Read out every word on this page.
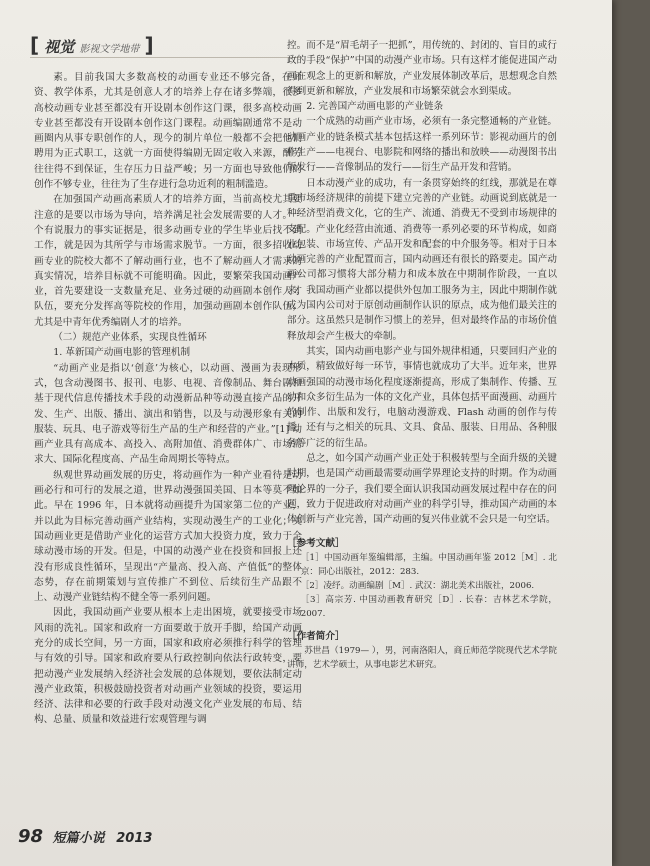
[ 视觉 影视文学地带 ]

素。目前我国大多数高校的动画专业还不够完备，在师资、教学体系，尤其是创意人才的培养上存在诸多弊端，很多高校动画专业甚至都没有开设剧本创作这门课，很多高校动画专业甚至都没有开设剧本创作这门课程。动画编剧通常不是动画圈内从事专职创作的人，现今的制片单位一般都不会把他们聘用为正式职工，这就一方面使得编剧无固定收入来源，酬劳往往得不到保证，生存压力日益严峻；另一方面也导致他们的创作不够专业，往往为了生存进行急功近利的粗制滥造。

在加强国产动画高素质人才的培养方面，当前高校尤其要注意的是要以市场为导向，培养满足社会发展需要的人才。一个有说服力的事实证据是，很多动画专业的学生毕业后找不到工作，就是因为其所学与市场需求脱节。一方面，很多招收动画专业的院校大都不了解动画行业，也不了解动画人才需求的真实情况，培养目标就不可能明确。因此，要繁荣我国动画产业，首先要建设一支数量充足、业务过硬的动画剧本创作人才队伍，要充分发挥高等院校的作用，加强动画剧本创作队伍，尤其是中青年优秀编剧人才的培养。

（二）规范产业体系，实现良性循环
1. 革新国产动画电影的管理机制

“动画产业是指以‘创意’为核心，以动画、漫画为表现形式，包含动漫图书、报刊、电影、电视、音像制品、舞台剧和基于现代信息传播技术手段的动漫新品种等动漫直接产品的开发、生产、出版、播出、演出和销售，以及与动漫形象有关的服装、玩具、电子游戏等衍生产品的生产和经营的产业。”[1] 动画产业具有高成本、高投入、高附加值、消费群体广、市场需求大、国际化程度高、产品生命周期长等特点。

纵观世界动画发展的历史，将动画作为一种产业看待是动画必行和可行的发展之道，世界动漫强国美国、日本等莫不如此。早在 1996 年，日本就将动画提升为国家第二位的产业，并以此为目标完善动画产业结构，实现动漫生产的工业化；美国动画业更是借助产业化的运营方式加大投资力度，致力于全球动漫市场的开发。但是，中国的动漫产业在投资和回报上还没有形成良性循环，呈现出“产量高、投入高、产值低”的整体态势，存在前期策划与宣传推广不到位、后续衍生产品跟不上、动漫产业链结构不健全等一系列问题。

因此，我国动画产业要从根本上走出困境，就要接受市场风雨的洗礼。国家和政府一方面要敢于放开手脚，给国产动画充分的成长空间，另一方面，国家和政府必须推行科学的管理与有效的引导。国家和政府要从行政控制向依法行政转变，要把动漫产业发展纳入经济社会发展的总体规划，要依法制定动漫产业政策，积极鼓励投资者对动画产业领域的投资，要运用经济、法律和必要的行政手段对动漫文化产业发展的布局、结构、总量、质量和效益进行宏观管理与调

控。而不是“眉毛胡子一把抓”，用传统的、封闭的、盲目的或行政的手段“保护”中国的动漫产业市场。只有这样才能促进国产动画在观念上的更新和解放，产业发展体制改革后，思想观念自然得到更新和解放，产业发展和市场繁荣就会水到渠成。

2. 完善国产动画电影的产业链条

一个成熟的动画产业市场，必须有一条完整通畅的产业链。动画产业的链条模式基本包括这样一系列环节：影视动画片的创作生产——电视台、电影院和网络的播出和放映——动漫图书出版发行——音像制品的发行——衍生产品开发和营销。

日本动漫产业的成功，有一条贯穿始终的红线，那就是在尊重市场经济规律的前提下建立完善的产业链。动画说到底就是一种经济型消费文化，它的生产、流通、消费无不受到市场规律的支配。产业化经营由流通、消费等一系列必要的环节构成，如商业包装、市场宣传、产品开发和配套的中介服务等。相对于日本动画完善的产业配置而言，国内动画还有很长的路要走。国产动画公司都习惯将大部分精力和成本放在中期制作阶段，一直以来，我国动画产业都以提供外包加工服务为主，因此中期制作就成为国内公司对于原创动画制作认识的原点，成为他们最关注的部分。这虽然只是制作习惯上的差异，但对最终作品的市场价值释放却会产生极大的牵制。

其实，国内动画电影产业与国外规律相通，只要回归产业的本质，精致做好每一环节，事情也就成功了大半。近年来，世界动画强国的动漫市场化程度逐渐提高，形成了集制作、传播、互动和众多衍生品为一体的文化产业，具体包括平面漫画、动画片的制作、出版和发行，电脑动漫游戏、Flash 动画的创作与传播，还有与之相关的玩具、文具、食品、服装、日用品、各种服务等广泛的衍生品。

总之，如今国产动画产业正处于积极转型与全面升级的关键时期，也是国产动画最需要动画学界理论支持的时期。作为动画理论界的一分子，我们要全面认识我国动画发展过程中存在的问题，致力于促进政府对动画产业的科学引导，推动国产动画的本体创新与产业完善，国产动画的复兴伟业就不会只是一句空话。

［参考文献］

［1］中国动画年鉴编辑部，主编。中国动画年鉴 2012［M］. 北京：同心出版社，2012：283.

［2］凌纾。动画编剧［M］. 武汉：湖北美术出版社，2006.

［3］高宗芳. 中国动画教育研究［D］. 长春：吉林艺术学院，2007.

［作者简介］

苏世昌（1979— ），男，河南洛阳人，商丘师范学院现代艺术学院讲师，艺术学硕士，从事电影艺术研究。

98 短篇小说 2013
